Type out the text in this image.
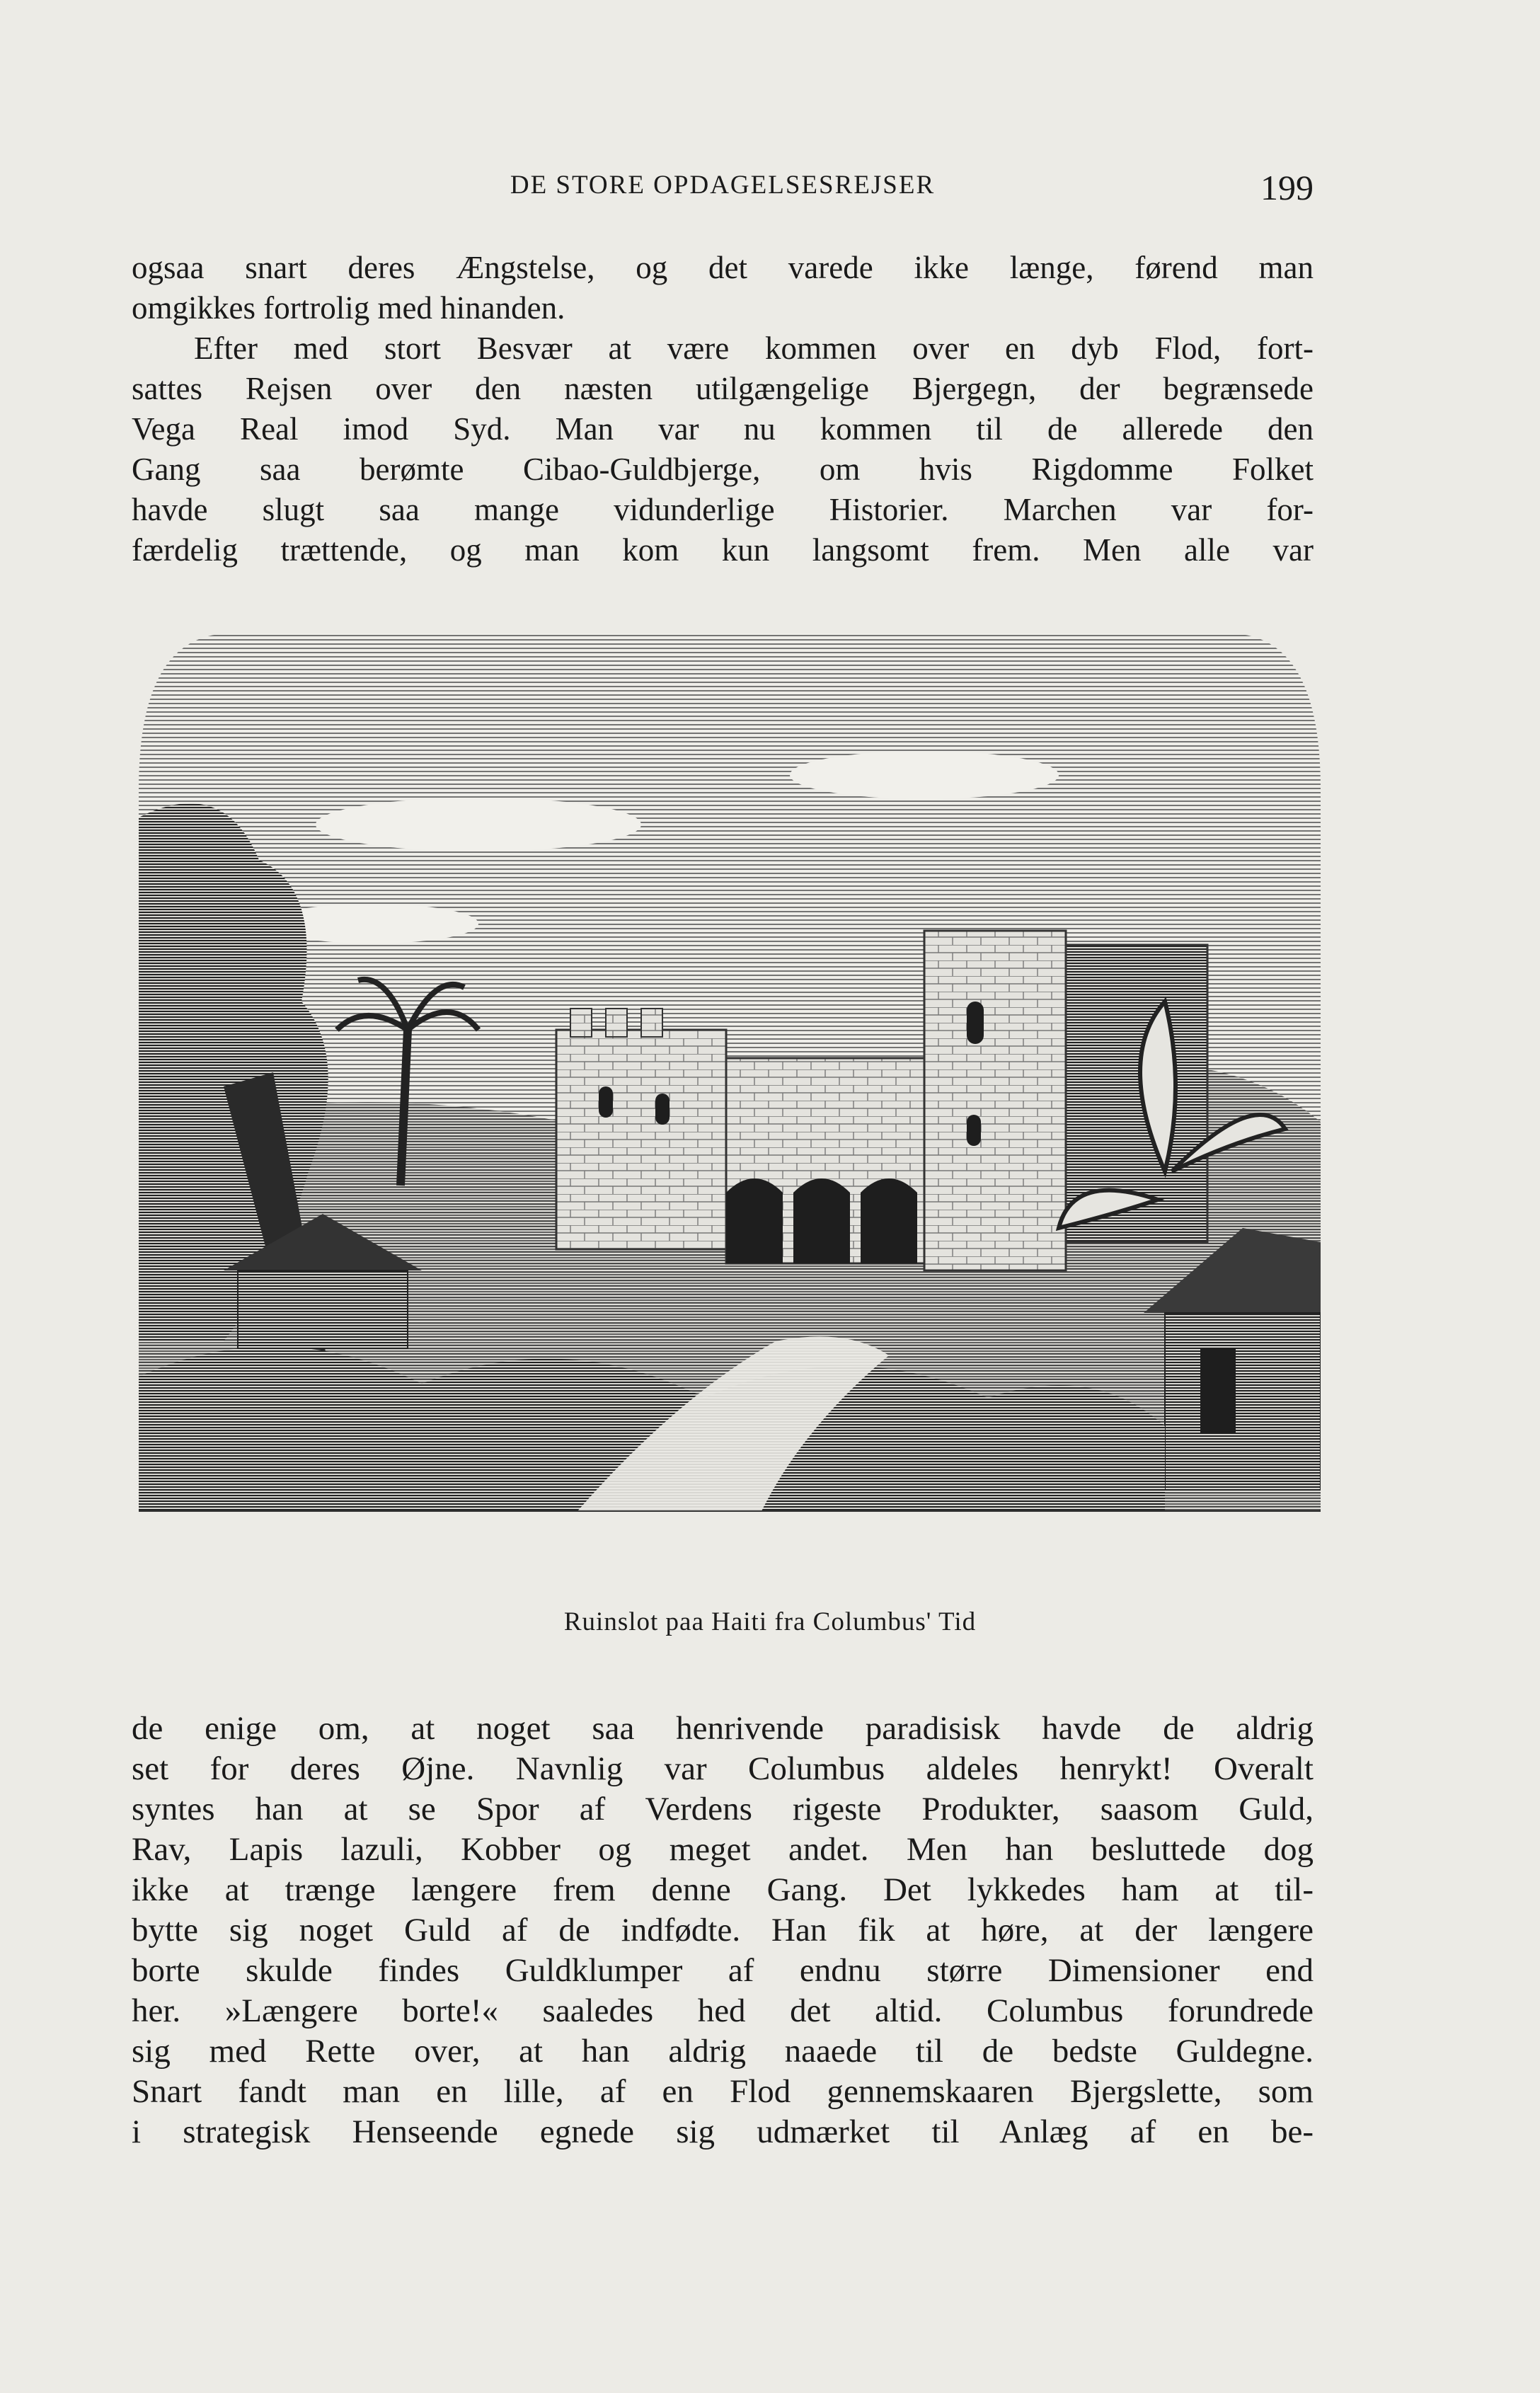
DE STORE OPDAGELSESREJSER	199
ogsaa snart deres Ængstelse, og det varede ikke længe, førend man
omgikkes fortrolig med hinanden.
Efter med stort Besvær at være kommen over en dyb Flod, fort-
sattes Rejsen over den næsten utilgængelige Bjergegn, der begrænsede
Vega Real imod Syd. Man var nu kommen til de allerede den
Gang saa berømte Cibao-Guldbjerge, om hvis Rigdomme Folket
havde slugt saa mange vidunderlige Historier. Marchen var for-
færdelig trættende, og man kom kun langsomt frem. Men alle var
Ruinslot paa Haiti fra Columbus' Tid
de enige om, at noget saa henrivende paradisisk havde de aldrig
set for deres Øjne. Navnlig var Columbus aldeles henrykt! Overalt
syntes han at se Spor af Verdens rigeste Produkter, saasom Guld,
Rav, Lapis lazuli, Kobber og meget andet. Men han besluttede dog
ikke at trænge længere frem denne Gang. Det lykkedes ham at til-
bytte sig noget Guld af de indfødte. Han fik at høre, at der længere
borte skulde findes Guldklumper af endnu større Dimensioner end
her. »Længere borte!« saaledes hed det altid. Columbus forundrede
sig med Rette over, at han aldrig naaede til de bedste Guldegne.
Snart fandt man en lille, af en Flod gennemskaaren Bjergslette, som
i strategisk Henseende egnede sig udmærket til Anlæg af en be-
